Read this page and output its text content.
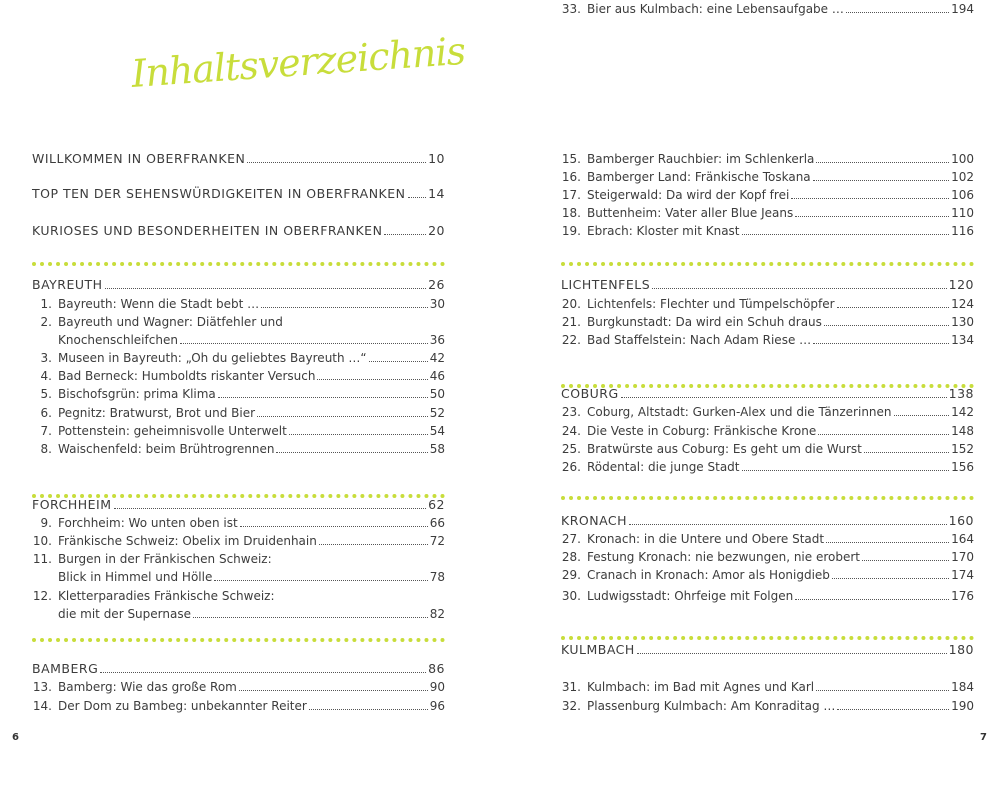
Inhaltsverzeichnis
WILLKOMMEN IN OBERFRANKEN	10
TOP TEN DER SEHENSWÜRDIGKEITEN IN OBERFRANKEN 14
KURIOSES UND BESONDERHEITEN IN OBERFRANKEN	20
BAYREUTH	26
1. Bayreuth: Wenn die Stadt bebt …	30
2. Bayreuth und Wagner: Diätfehler und
Knochenschleifchen	36
3. Museen in Bayreuth: „Oh du geliebtes Bayreuth …“	42
4. Bad Berneck: Humboldts riskanter Versuch	46
5. Bischofsgrün: prima Klima	50
6. Pegnitz: Bratwurst, Brot und Bier	52
7. Pottenstein: geheimnisvolle Unterwelt	54
8. Waischenfeld: beim Brühtrogrennen	58
FORCHHEIM	62
9. Forchheim: Wo unten oben ist	66
10. Fränkische Schweiz: Obelix im Druidenhain	72
11. Burgen in der Fränkischen Schweiz:
Blick in Himmel und Hölle	78
12. Kletterparadies Fränkische Schweiz:
die mit der Supernase	82
BAMBERG	86
13. Bamberg: Wie das große Rom	90
14. Der Dom zu Bambeg: unbekannter Reiter	96
15. Bamberger Rauchbier: im Schlenkerla	100
16. Bamberger Land: Fränkische Toskana	102
17. Steigerwald: Da wird der Kopf frei	106
18. Buttenheim: Vater aller Blue Jeans	110
19. Ebrach: Kloster mit Knast	116
LICHTENFELS	120
20. Lichtenfels: Flechter und Tümpelschöpfer	124
21. Burgkunstadt: Da wird ein Schuh draus	130
22. Bad Staffelstein: Nach Adam Riese …	134
COBURG	138
23. Coburg, Altstadt: Gurken-Alex und die Tänzerinnen	142
24. Die Veste in Coburg: Fränkische Krone	148
25. Bratwürste aus Coburg: Es geht um die Wurst	152
26. Rödental: die junge Stadt	156
KRONACH	160
27. Kronach: in die Untere und Obere Stadt	164
28. Festung Kronach: nie bezwungen, nie erobert	170
29. Cranach in Kronach: Amor als Honigdieb	174
30. Ludwigsstadt: Ohrfeige mit Folgen	176
KULMBACH	180
31. Kulmbach: im Bad mit Agnes und Karl	184
32. Plassenburg Kulmbach: Am Konraditag …	190
33. Bier aus Kulmbach: eine Lebensaufgabe …	194
6	7
